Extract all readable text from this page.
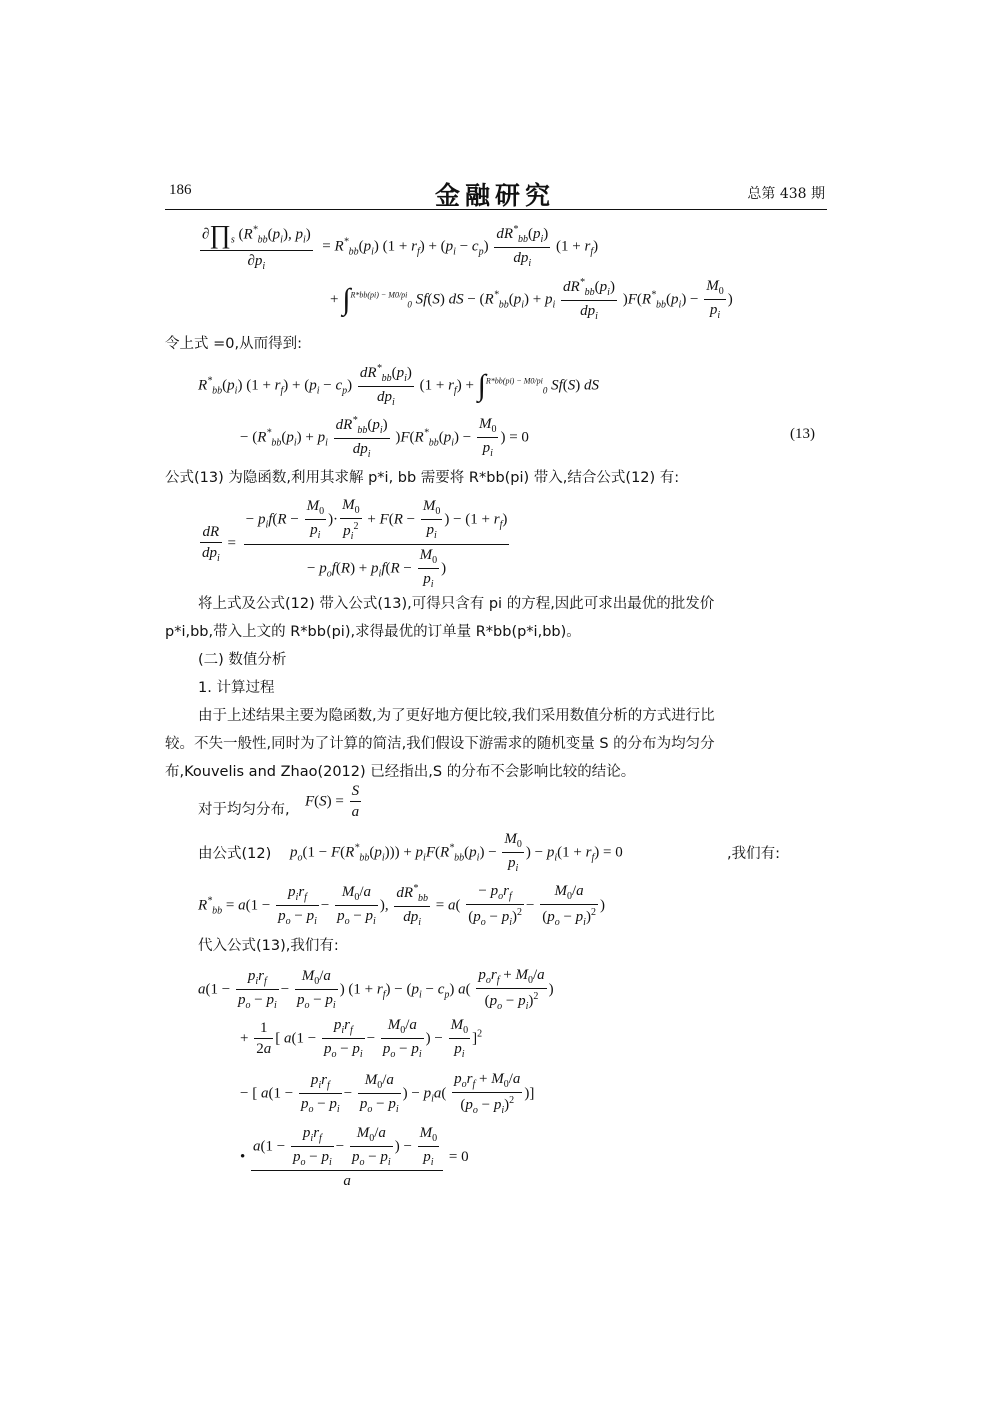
186	金融研究	总第 438 期
$\frac{\partial\prod_s (R^*_{bb}(p_i), p_i)}{\partial p_i} = R^*_{bb}(p_i) (1 + r_f) + (p_i - c_p) \frac{dR^*_{bb}(p_i)}{dp_i} (1 + r_f)$
+ ∫$^{R*bb(pi) - M0/pi}_0$ Sf(S) dS − $(R^*_{bb}(p_i) + p_i \frac{dR^*_{bb}(p_i)}{dp_i} )F(R^*_{bb}(p_i) - \frac{M_0}{p_i}$ )
令上式 =0,从而得到:
$R^*_{bb}(p_i) (1 + r_f) + (p_i - c_p) \frac{dR^*_{bb}(p_i)}{dp_i} (1 + r_f) + \int^{R*bb(pi) - M0/pi}_0$ Sf(S) dS
− $(R^*_{bb}(p_i) + p_i \frac{dR^*_{bb}(p_i)}{dp_i} )F(R^*_{bb}(p_i) - \frac{M_0}{p_i}$ ) = 0	(13)
公式(13) 为隐函数,利用其求解 p*i, bb 需要将 R*bb(pi) 带入,结合公式(12) 有:
$\frac{dR}{dp_i} = \frac{- p_if(R - \frac{M_0}{p_i} )\cdot \frac{M_0}{p_i^2} + F(R - \frac{M_0}{p_i} ) - (1 + r_f)}{- p_of(R) + p_if(R - \frac{M_0}{p_i} )}$
将上式及公式(12) 带入公式(13),可得只含有 pi 的方程,因此可求出最优的批发价
p*i,bb,带入上文的 R*bb(pi),求得最优的订单量 R*bb(p*i,bb)。
(二) 数值分析
1. 计算过程
由于上述结果主要为隐函数,为了更好地方便比较,我们采用数值分析的方式进行比
较。不失一般性,同时为了计算的简洁,我们假设下游需求的随机变量 S 的分布为均匀分
布,Kouvelis and Zhao(2012) 已经指出,S 的分布不会影响比较的结论。
对于均匀分布,
$F(S) = \frac{S}{a}$
由公式(12) $p_o(1 - F(R^*_{bb}(p_i))) + p_iF(R^*_{bb}(p_i) - \frac{M_0}{p_i}$ ) − $p_i(1 + r_f) = 0$	,我们有:
$R^*_{bb} = a(1 - \frac{p_ir_f}{p_o - p_i} - \frac{M_0/a}{p_o - p_i}$ ), $\frac{dR^*_{bb}}{dp_i} = a( \frac{- p_or_f}{(p_o - p_i)^2} - \frac{M_0/a}{(p_o - p_i)^2}$ )
代入公式(13),我们有:
$a(1 - \frac{p_ir_f}{p_o - p_i} - \frac{M_0/a}{p_o - p_i}$ ) $(1 + r_f) - (p_i - c_p)$ $a( \frac{p_or_f + M_0/a}{(p_o - p_i)^2}$ )
+ $\frac{1}{2a}$ [ $a(1 - \frac{p_ir_f}{p_o - p_i} - \frac{M_0/a}{p_o - p_i}$ ) − $\frac{M_0}{p_i} ]^2$
− [ $a(1 - \frac{p_ir_f}{p_o - p_i} - \frac{M_0/a}{p_o - p_i}$ ) − $p_ia( \frac{p_or_f + M_0/a}{(p_o - p_i)^2}$ )]
•
$a(1 - \frac{p_ir_f}{p_o - p_i} - \frac{M_0/a}{p_o - p_i}$ ) − $\frac{M_0}{p_i}$
a
= 0
